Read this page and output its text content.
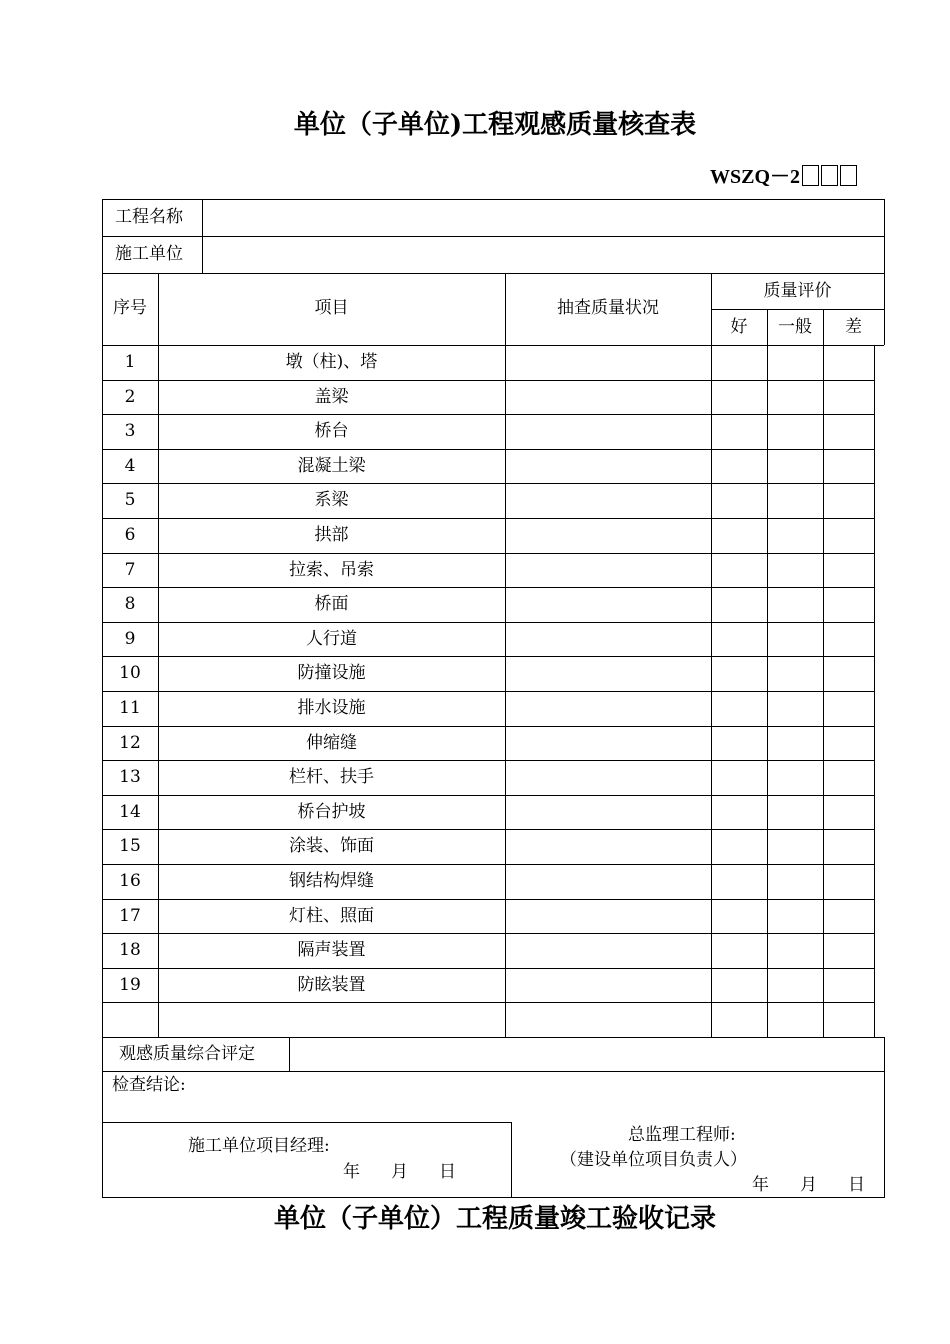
单位（子单位)工程观感质量核查表
WSZQ－2
工程名称
施工单位
序号	项目	抽查质量状况
质量评价
好	一般	差
1	墩（柱)、塔
2	盖梁
3	桥台
4	混凝土梁
5	系梁
6	拱部
7	拉索、吊索
8	桥面
9	人行道
10	防撞设施
11	排水设施
12	伸缩缝
13	栏杆、扶手
14	桥台护坡
15	涂装、饰面
16	钢结构焊缝
17	灯柱、照面
18	隔声装置
19	防眩装置
观感质量综合评定
检查结论:
施工单位项目经理:
年 月 日
总监理工程师:
（建设单位项目负责人）
年 月 日
单位（子单位）工程质量竣工验收记录
